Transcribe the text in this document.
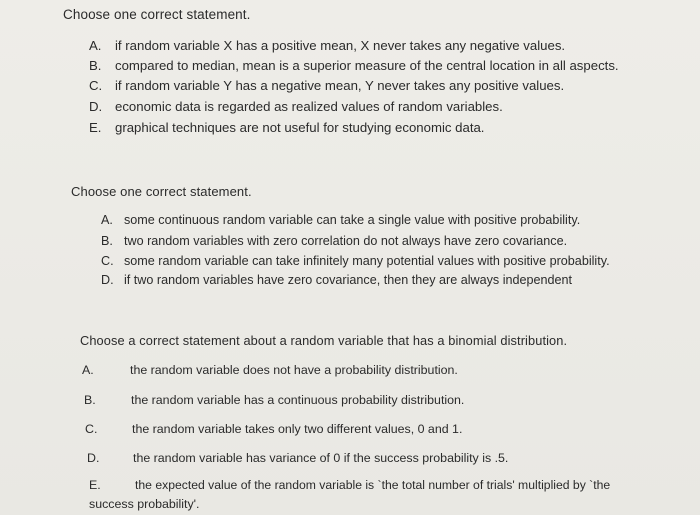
Choose one correct statement.
A. if random variable X has a positive mean, X never takes any negative values.
B. compared to median, mean is a superior measure of the central location in all aspects.
C. if random variable Y has a negative mean, Y never takes any positive values.
D. economic data is regarded as realized values of random variables.
E. graphical techniques are not useful for studying economic data.
Choose one correct statement.
A. some continuous random variable can take a single value with positive probability.
B. two random variables with zero correlation do not always have zero covariance.
C. some random variable can take infinitely many potential values with positive probability.
D. if two random variables have zero covariance, then they are always independent
Choose a correct statement about a random variable that has a binomial distribution.
A.	the random variable does not have a probability distribution.
B.	the random variable has a continuous probability distribution.
C.	the random variable takes only two different values, 0 and 1.
D.	the random variable has variance of 0 if the success probability is .5.
E.	the expected value of the random variable is `the total number of trials' multiplied by `the
success probability'.
